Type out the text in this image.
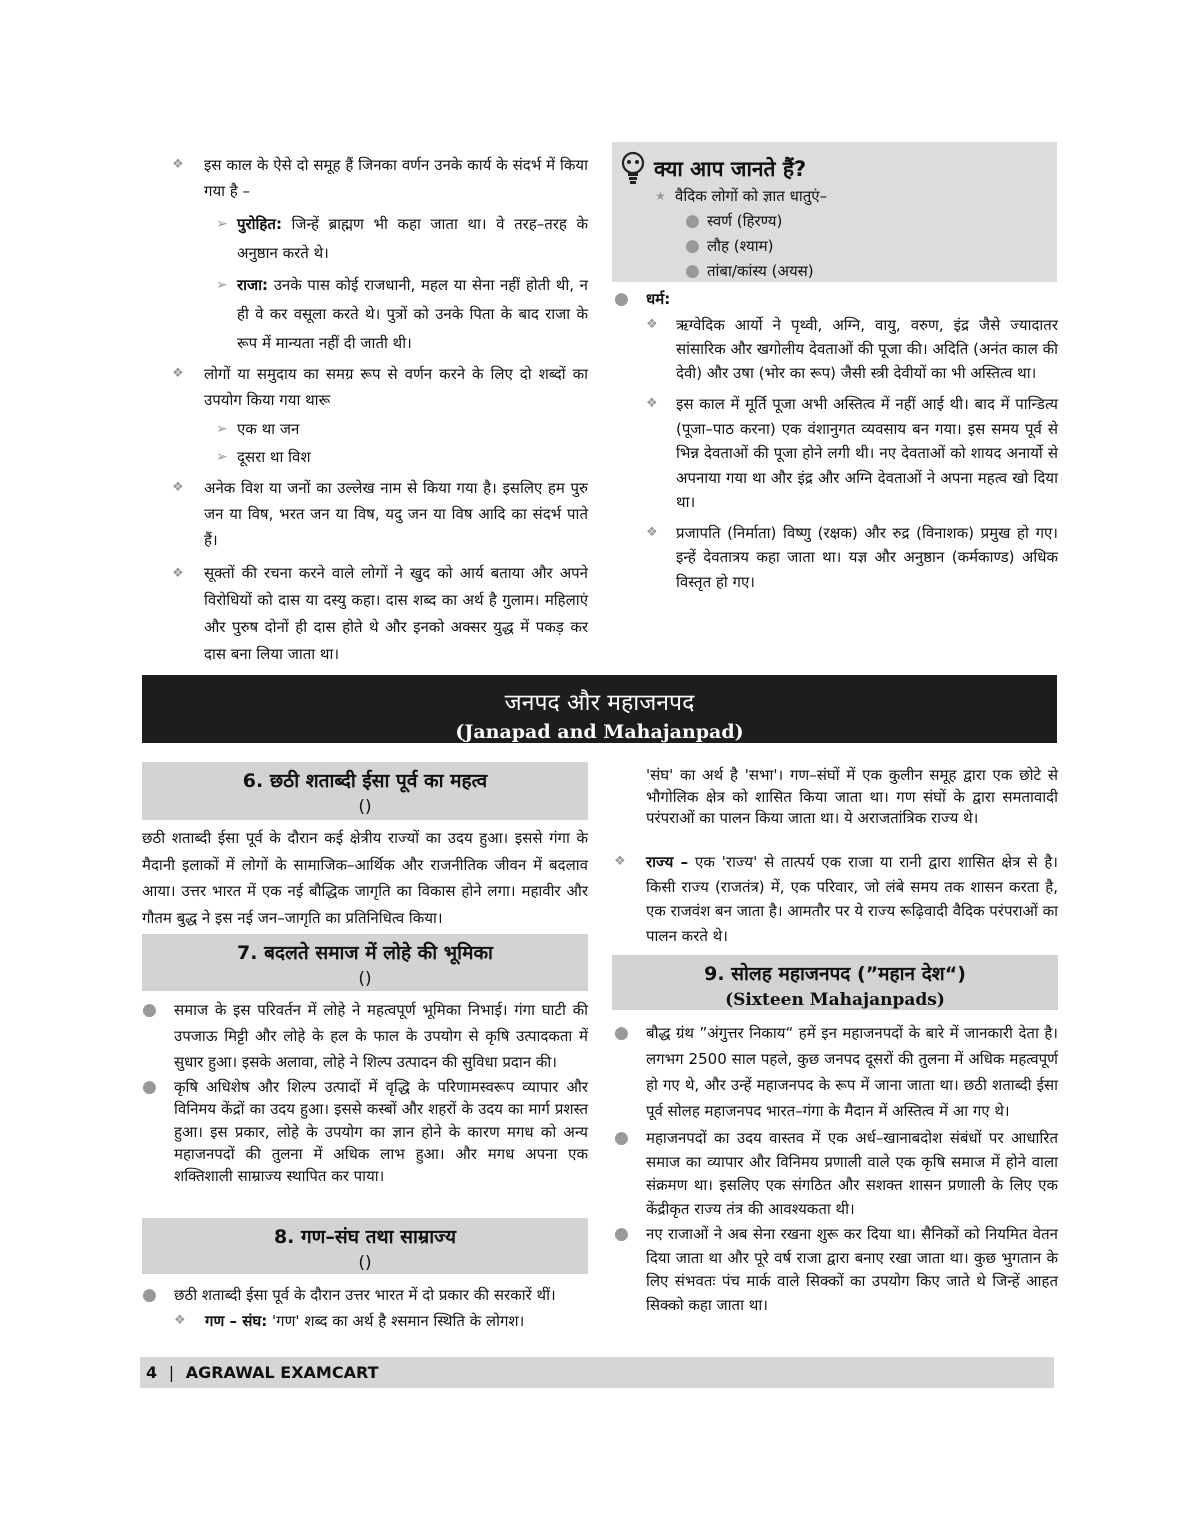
❖ इस काल के ऐसे दो समूह हैं जिनका वर्णन उनके कार्य के संदर्भ में किया गया है –
➢ पुरोहित: जिन्हें ब्राह्मण भी कहा जाता था। वे तरह–तरह के अनुष्ठान करते थे।
➢ राजा: उनके पास कोई राजधानी, महल या सेना नहीं होती थी, न ही वे कर वसूला करते थे। पुत्रों को उनके पिता के बाद राजा के रूप में मान्यता नहीं दी जाती थी।
❖ लोगों या समुदाय का समग्र रूप से वर्णन करने के लिए दो शब्दों का उपयोग किया गया थारू
➢ एक था जन
➢ दूसरा था विश
❖ अनेक विश या जनों का उल्लेख नाम से किया गया है। इसलिए हम पुरु जन या विष, भरत जन या विष, यदु जन या विष आदि का संदर्भ पाते हैं।
❖ सूक्तों की रचना करने वाले लोगों ने खुद को आर्य बताया और अपने विरोधियों को दास या दस्यु कहा। दास शब्द का अर्थ है गुलाम। महिलाएं और पुरुष दोनों ही दास होते थे और इनको अक्सर युद्ध में पकड़ कर दास बना लिया जाता था।
क्या आप जानते हैं?
★ वैदिक लोगों को ज्ञात धातुएं–
● स्वर्ण (हिरण्य)
● लौह (श्याम)
● तांबा/कांस्य (अयस)
● धर्म:
❖ ऋग्वेदिक आर्यो ने पृथ्वी, अग्नि, वायु, वरुण, इंद्र जैसे ज्यादातर सांसारिक और खगोलीय देवताओं की पूजा की। अदिति (अनंत काल की देवी) और उषा (भोर का रूप) जैसी स्त्री देवीयों का भी अस्तित्व था।
❖ इस काल में मूर्ति पूजा अभी अस्तित्व में नहीं आई थी। बाद में पान्डित्य (पूजा–पाठ करना) एक वंशानुगत व्यवसाय बन गया। इस समय पूर्व से भिन्न देवताओं की पूजा होने लगी थी। नए देवताओं को शायद अनार्यो से अपनाया गया था और इंद्र और अग्नि देवताओं ने अपना महत्व खो दिया था।
❖ प्रजापति (निर्माता) विष्णु (रक्षक) और रुद्र (विनाशक) प्रमुख हो गए। इन्हें देवतात्रय कहा जाता था। यज्ञ और अनुष्ठान (कर्मकाण्ड) अधिक विस्तृत हो गए।
जनपद और महाजनपद
(Janapad and Mahajanpad)
6. छठी शताब्दी ईसा पूर्व का महत्व
()
छठी शताब्दी ईसा पूर्व के दौरान कई क्षेत्रीय राज्यों का उदय हुआ। इससे गंगा के मैदानी इलाकों में लोगों के सामाजिक–आर्थिक और राजनीतिक जीवन में बदलाव आया। उत्तर भारत में एक नई बौद्धिक जागृति का विकास होने लगा। महावीर और गौतम बुद्ध ने इस नई जन–जागृति का प्रतिनिधित्व किया।
7. बदलते समाज में लोहे की भूमिका
()
● समाज के इस परिवर्तन में लोहे ने महत्वपूर्ण भूमिका निभाई। गंगा घाटी की उपजाऊ मिट्टी और लोहे के हल के फाल के उपयोग से कृषि उत्पादकता में सुधार हुआ। इसके अलावा, लोहे ने शिल्प उत्पादन की सुविधा प्रदान की।
● कृषि अधिशेष और शिल्प उत्पादों में वृद्धि के परिणामस्वरूप व्यापार और विनिमय केंद्रों का उदय हुआ। इससे कस्बों और शहरों के उदय का मार्ग प्रशस्त हुआ। इस प्रकार, लोहे के उपयोग का ज्ञान होने के कारण मगध को अन्य महाजनपदों की तुलना में अधिक लाभ हुआ। और मगध अपना एक शक्तिशाली साम्राज्य स्थापित कर पाया।
8. गण–संघ तथा साम्राज्य
()
● छठी शताब्दी ईसा पूर्व के दौरान उत्तर भारत में दो प्रकार की सरकारें थीं।
❖ गण – संघ: 'गण' शब्द का अर्थ है श्समान स्थिति के लोगश।
'संघ' का अर्थ है 'सभा'। गण–संघों में एक कुलीन समूह द्वारा एक छोटे से भौगोलिक क्षेत्र को शासित किया जाता था। गण संघों के द्वारा समतावादी परंपराओं का पालन किया जाता था। ये अराजतांत्रिक राज्य थे।
❖ राज्य – एक 'राज्य' से तात्पर्य एक राजा या रानी द्वारा शासित क्षेत्र से है। किसी राज्य (राजतंत्र) में, एक परिवार, जो लंबे समय तक शासन करता है, एक राजवंश बन जाता है। आमतौर पर ये राज्य रूढ़िवादी वैदिक परंपराओं का पालन करते थे।
9. सोलह महाजनपद (”महान देश“)
(Sixteen Mahajanpads)
● बौद्ध ग्रंथ ”अंगुत्तर निकाय“ हमें इन महाजनपदों के बारे में जानकारी देता है। लगभग 2500 साल पहले, कुछ जनपद दूसरों की तुलना में अधिक महत्वपूर्ण हो गए थे, और उन्हें महाजनपद के रूप में जाना जाता था। छठी शताब्दी ईसा पूर्व सोलह महाजनपद भारत–गंगा के मैदान में अस्तित्व में आ गए थे।
● महाजनपदों का उदय वास्तव में एक अर्ध–खानाबदोश संबंधों पर आधारित समाज का व्यापार और विनिमय प्रणाली वाले एक कृषि समाज में होने वाला संक्रमण था। इसलिए एक संगठित और सशक्त शासन प्रणाली के लिए एक केंद्रीकृत राज्य तंत्र की आवश्यकता थी।
● नए राजाओं ने अब सेना रखना शुरू कर दिया था। सैनिकों को नियमित वेतन दिया जाता था और पूरे वर्ष राजा द्वारा बनाए रखा जाता था। कुछ भुगतान के लिए संभवतः पंच मार्क वाले सिक्कों का उपयोग किए जाते थे जिन्हें आहत सिक्को कहा जाता था।
4 | AGRAWAL EXAMCART
